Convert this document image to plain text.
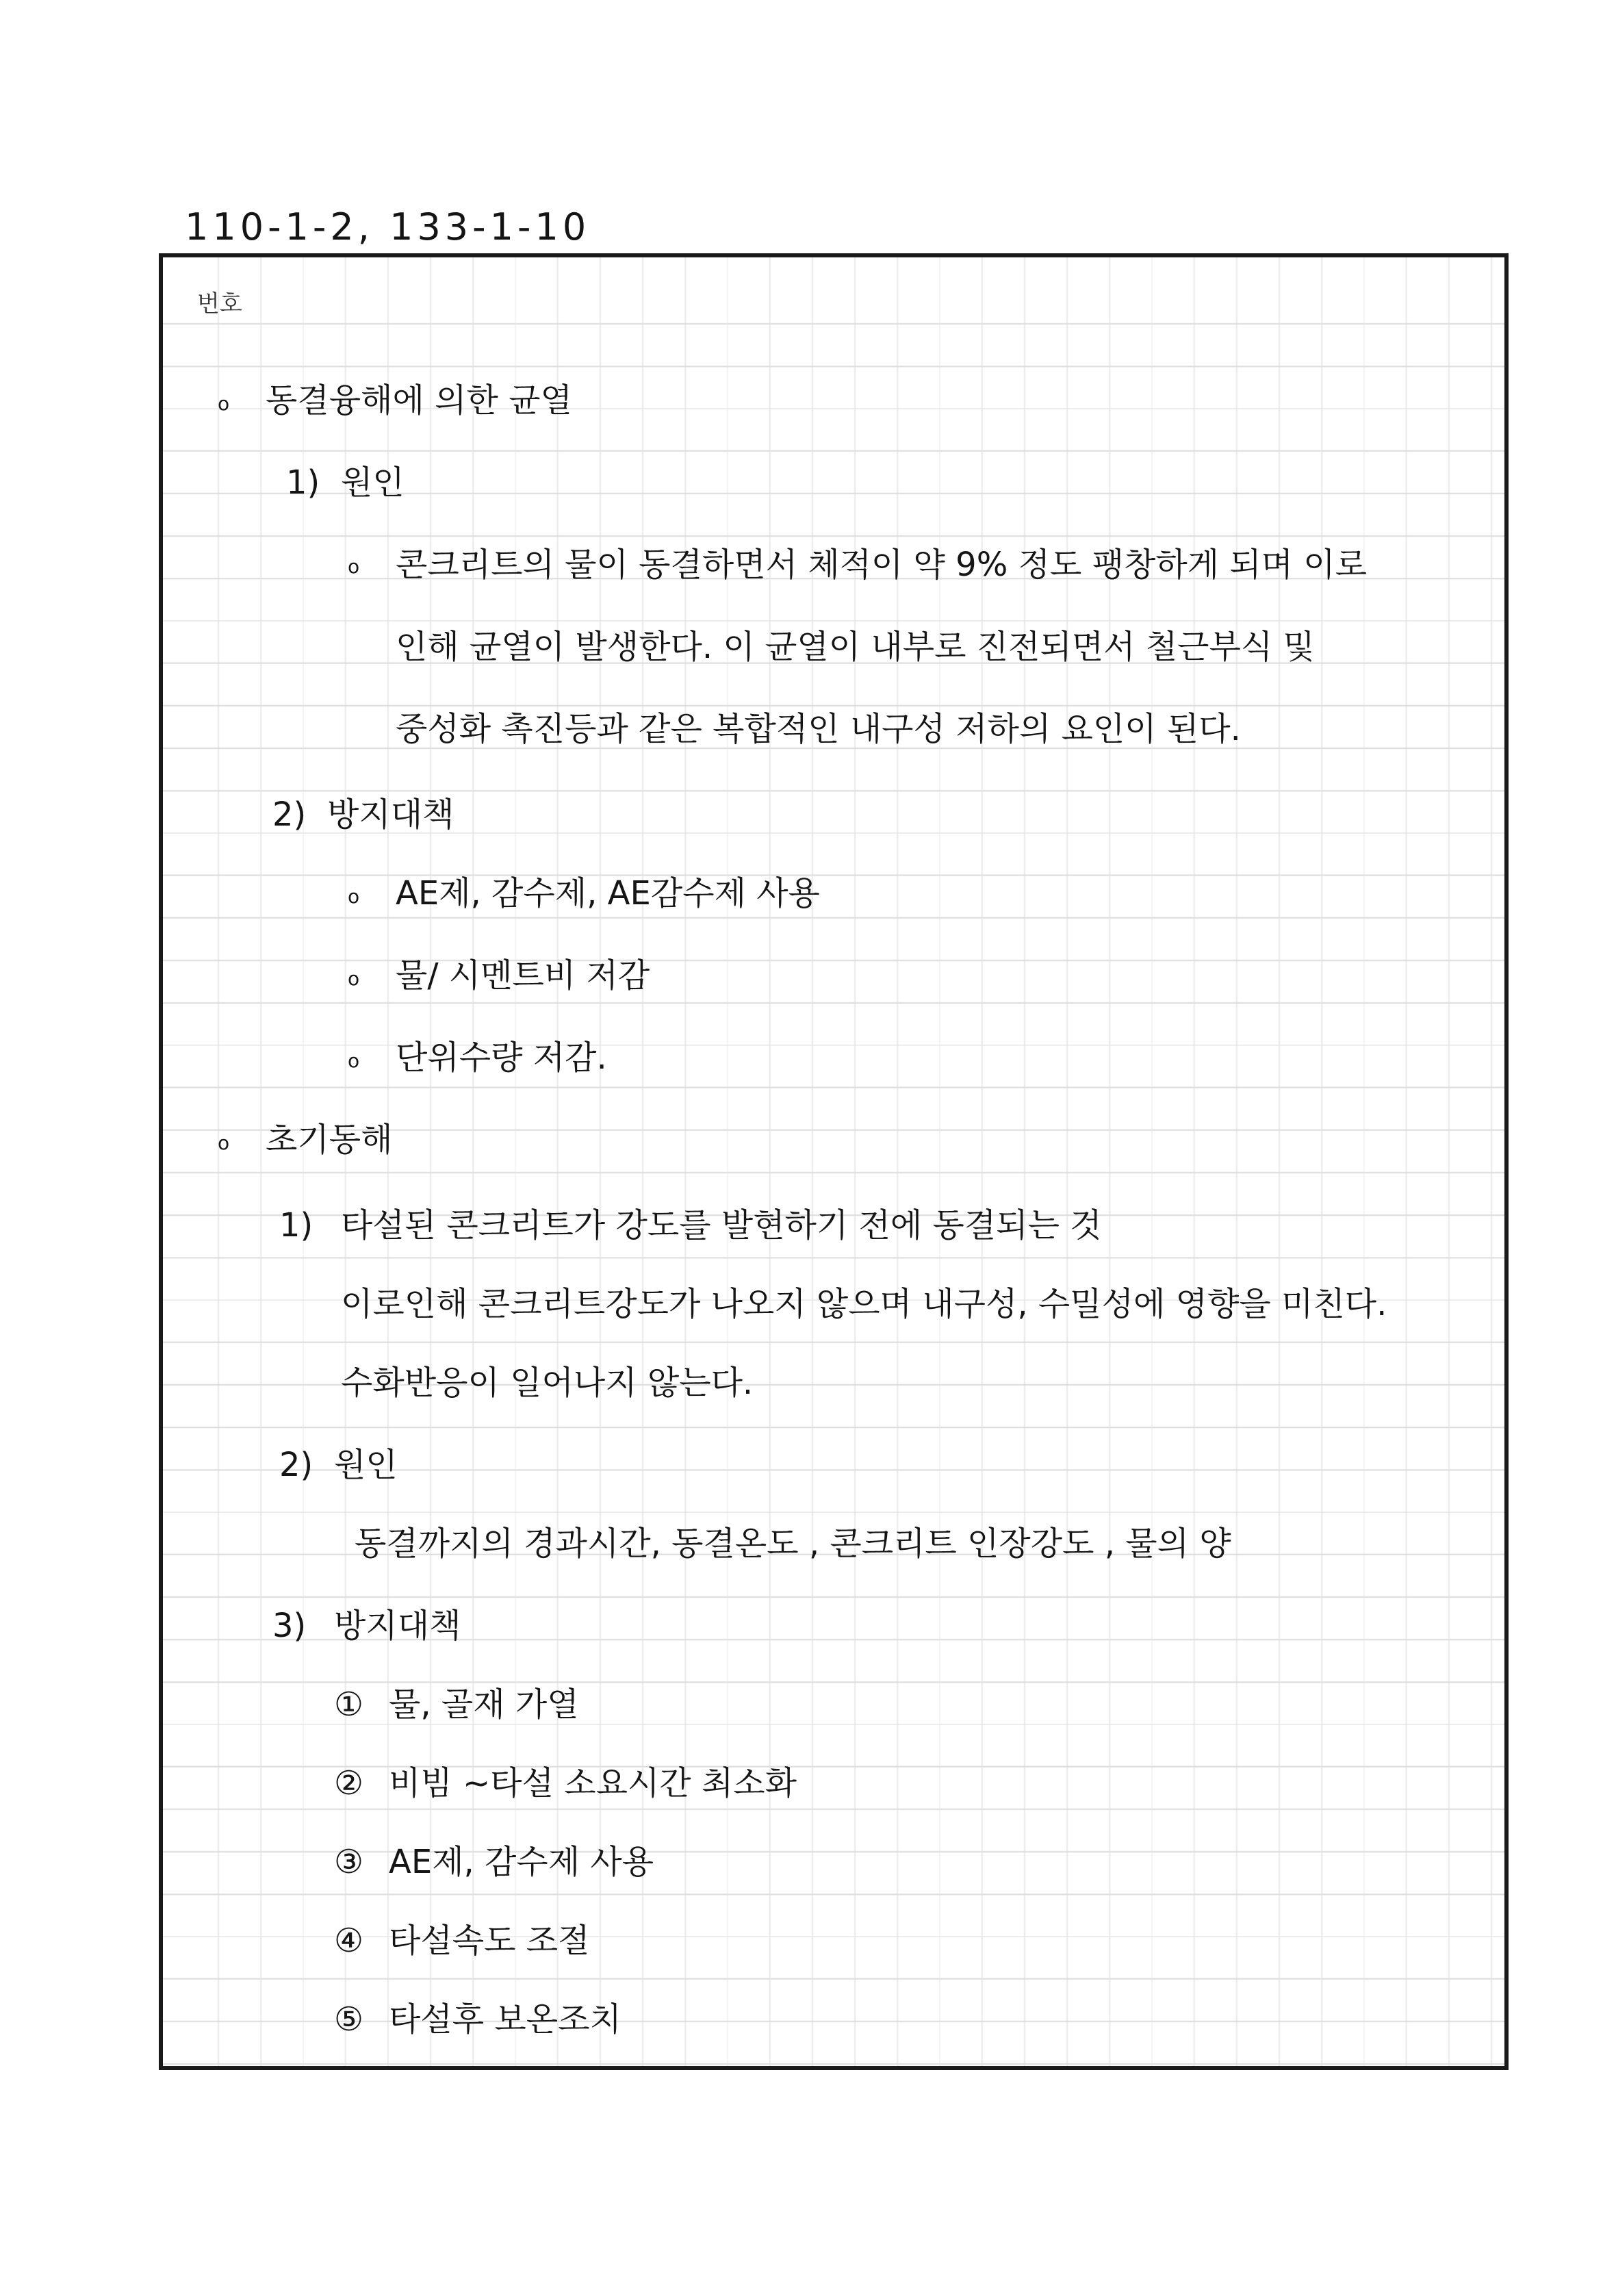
110-1-2, 133-1-10
번호
o 동결융해에 의한 균열
1) 원인
o 콘크리트의 물이 동결하면서 체적이 약 9% 정도 팽창하게 되며 이로
인해 균열이 발생한다. 이 균열이 내부로 진전되면서 철근부식 및
중성화 촉진등과 같은 복합적인 내구성 저하의 요인이 된다.
2) 방지대책
o AE제, 감수제, AE감수제 사용
o 물/ 시멘트비 저감
o 단위수량 저감.
o 초기동해
1) 타설된 콘크리트가 강도를 발현하기 전에 동결되는 것
이로인해 콘크리트강도가 나오지 않으며 내구성, 수밀성에 영향을 미친다.
수화반응이 일어나지 않는다.
2) 원인
동결까지의 경과시간, 동결온도 , 콘크리트 인장강도 , 물의 양
3) 방지대책
① 물, 골재 가열
② 비빔 ~타설 소요시간 최소화
③ AE제, 감수제 사용
④ 타설속도 조절
⑤ 타설후 보온조치
